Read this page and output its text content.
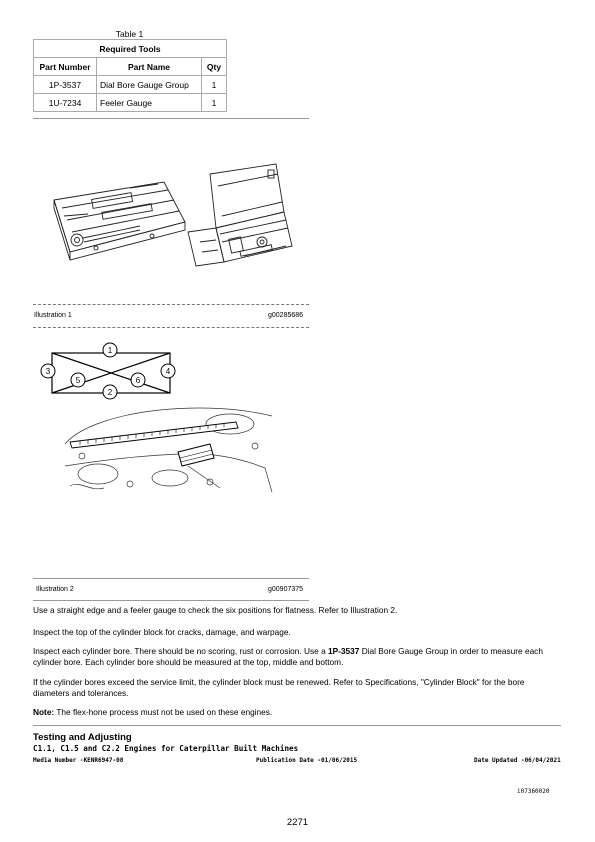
Table 1
Required Tools		
Part Number	Part Name	Qty
1P-3537	Dial Bore Gauge Group	1
1U-7234	Feeler Gauge	1
Illustration 1	g00285686
1
2
3	4
5	6
Illustration 2	g00907375

Use a straight edge and a feeler gauge to check the six positions for flatness. Refer to Illustration 2.

Inspect the top of the cylinder block for cracks, damage, and warpage.

Inspect each cylinder bore. There should be no scoring, rust or corrosion. Use a 1P-3537 Dial Bore Gauge Group in order to measure each cylinder bore. Each cylinder bore should be measured at the top, middle and bottom.

If the cylinder bores exceed the service limit, the cylinder block must be renewed. Refer to Specifications, "Cylinder Block" for the bore diameters and tolerances.

Note: The flex-hone process must not be used on these engines.

Testing and Adjusting
C1.1, C1.5 and C2.2 Engines for Caterpillar Built Machines
Media Number -KENR6947-08	Publication Date -01/06/2015	Date Updated -06/04/2021
i07360020
2271
